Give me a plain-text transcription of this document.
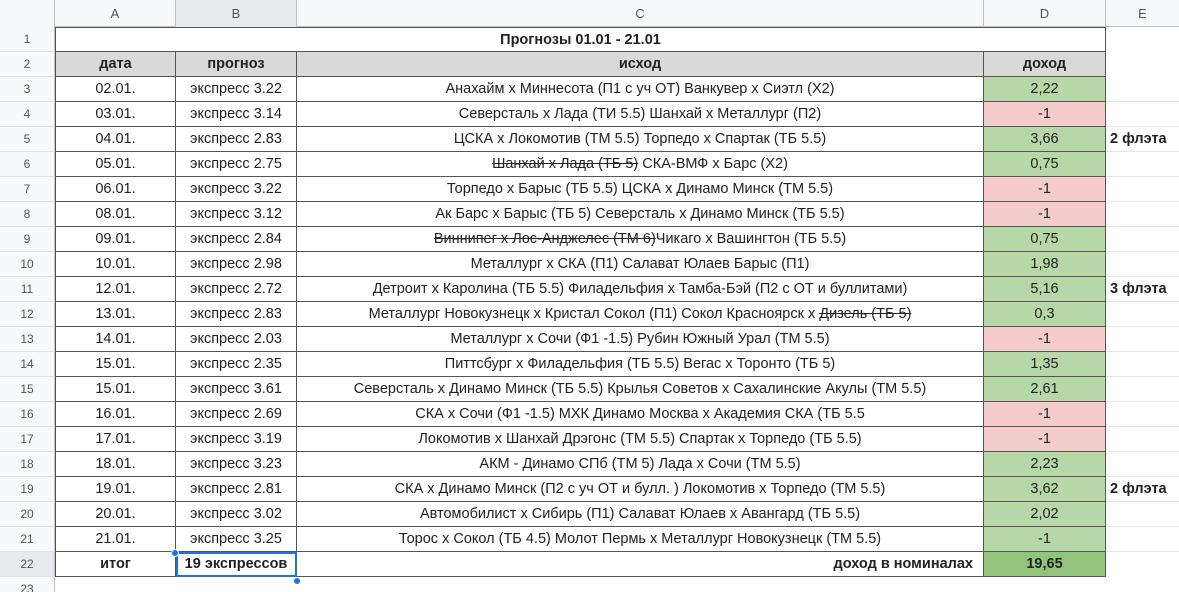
A	B	C	D	E
1
2
3
4
5
6
7
8
9
10
11
12
13
14
15
16
17
18
19
20
21
22
23
Прогнозы 01.01 - 21.01
дата	прогноз	исход	доход
02.01.	экспресс 3.22	Анахайм х Миннесота (П1 с уч ОТ) Ванкувер х Сиэтл (Х2)	2,22
03.01.	экспресс 3.14	Северсталь х Лада (ТИ 5.5) Шанхай х Металлург (П2)	-1
04.01.	экспресс 2.83	ЦСКА х Локомотив (ТМ 5.5) Торпедо х Спартак (ТБ 5.5)	3,66	2 флэта
05.01.	экспресс 2.75	Шанхай х Лада (ТБ 5) СКА-ВМФ х Барс (Х2)	0,75
06.01.	экспресс 3.22	Торпедо х Барыс (ТБ 5.5) ЦСКА х Динамо Минск (ТМ 5.5)	-1
08.01.	экспресс 3.12	Ак Барс х Барыс (ТБ 5) Северсталь х Динамо Минск (ТБ 5.5)	-1
09.01.	экспресс 2.84	Виннипег х Лос-Анджелес (ТМ 6) Чикаго х Вашингтон (ТБ 5.5)	0,75
10.01.	экспресс 2.98	Металлург х СКА (П1) Салават Юлаев Барыс (П1)	1,98
12.01.	экспресс 2.72	Детроит х Каролина (ТБ 5.5) Филадельфия х Тамба-Бэй (П2 с ОТ и буллитами)	5,16	3 флэта
13.01.	экспресс 2.83	Металлург Новокузнецк х Кристал Сокол (П1) Сокол Красноярск х Дизель (ТБ 5)	0,3
14.01.	экспресс 2.03	Металлург х Сочи (Ф1 -1.5) Рубин Южный Урал (ТМ 5.5)	-1
15.01.	экспресс 2.35	Питтсбург х Филадельфия (ТБ 5.5) Вегас х Торонто (ТБ 5)	1,35
15.01.	экспресс 3.61	Северсталь х Динамо Минск (ТБ 5.5) Крылья Советов х Сахалинские Акулы (ТМ 5.5)	2,61
16.01.	экспресс 2.69	СКА х Сочи (Ф1 -1.5) МХК Динамо Москва х Академия СКА (ТБ 5.5	-1
17.01.	экспресс 3.19	Локомотив х Шанхай Дрэгонс (ТМ 5.5) Спартак х Торпедо (ТБ 5.5)	-1
18.01.	экспресс 3.23	АКМ - Динамо СПб (ТМ 5) Лада х Сочи (ТМ 5.5)	2,23
19.01.	экспресс 2.81	СКА х Динамо Минск (П2 с уч ОТ и булл. ) Локомотив х Торпедо (ТМ 5.5)	3,62	2 флэта
20.01.	экспресс 3.02	Автомобилист х Сибирь (П1) Салават Юлаев х Авангард (ТБ 5.5)	2,02
21.01.	экспресс 3.25	Торос х Сокол (ТБ 4.5) Молот Пермь х Металлург Новокузнецк (ТМ 5.5)	-1
итог	19 экспрессов	доход в номиналах	19,65
